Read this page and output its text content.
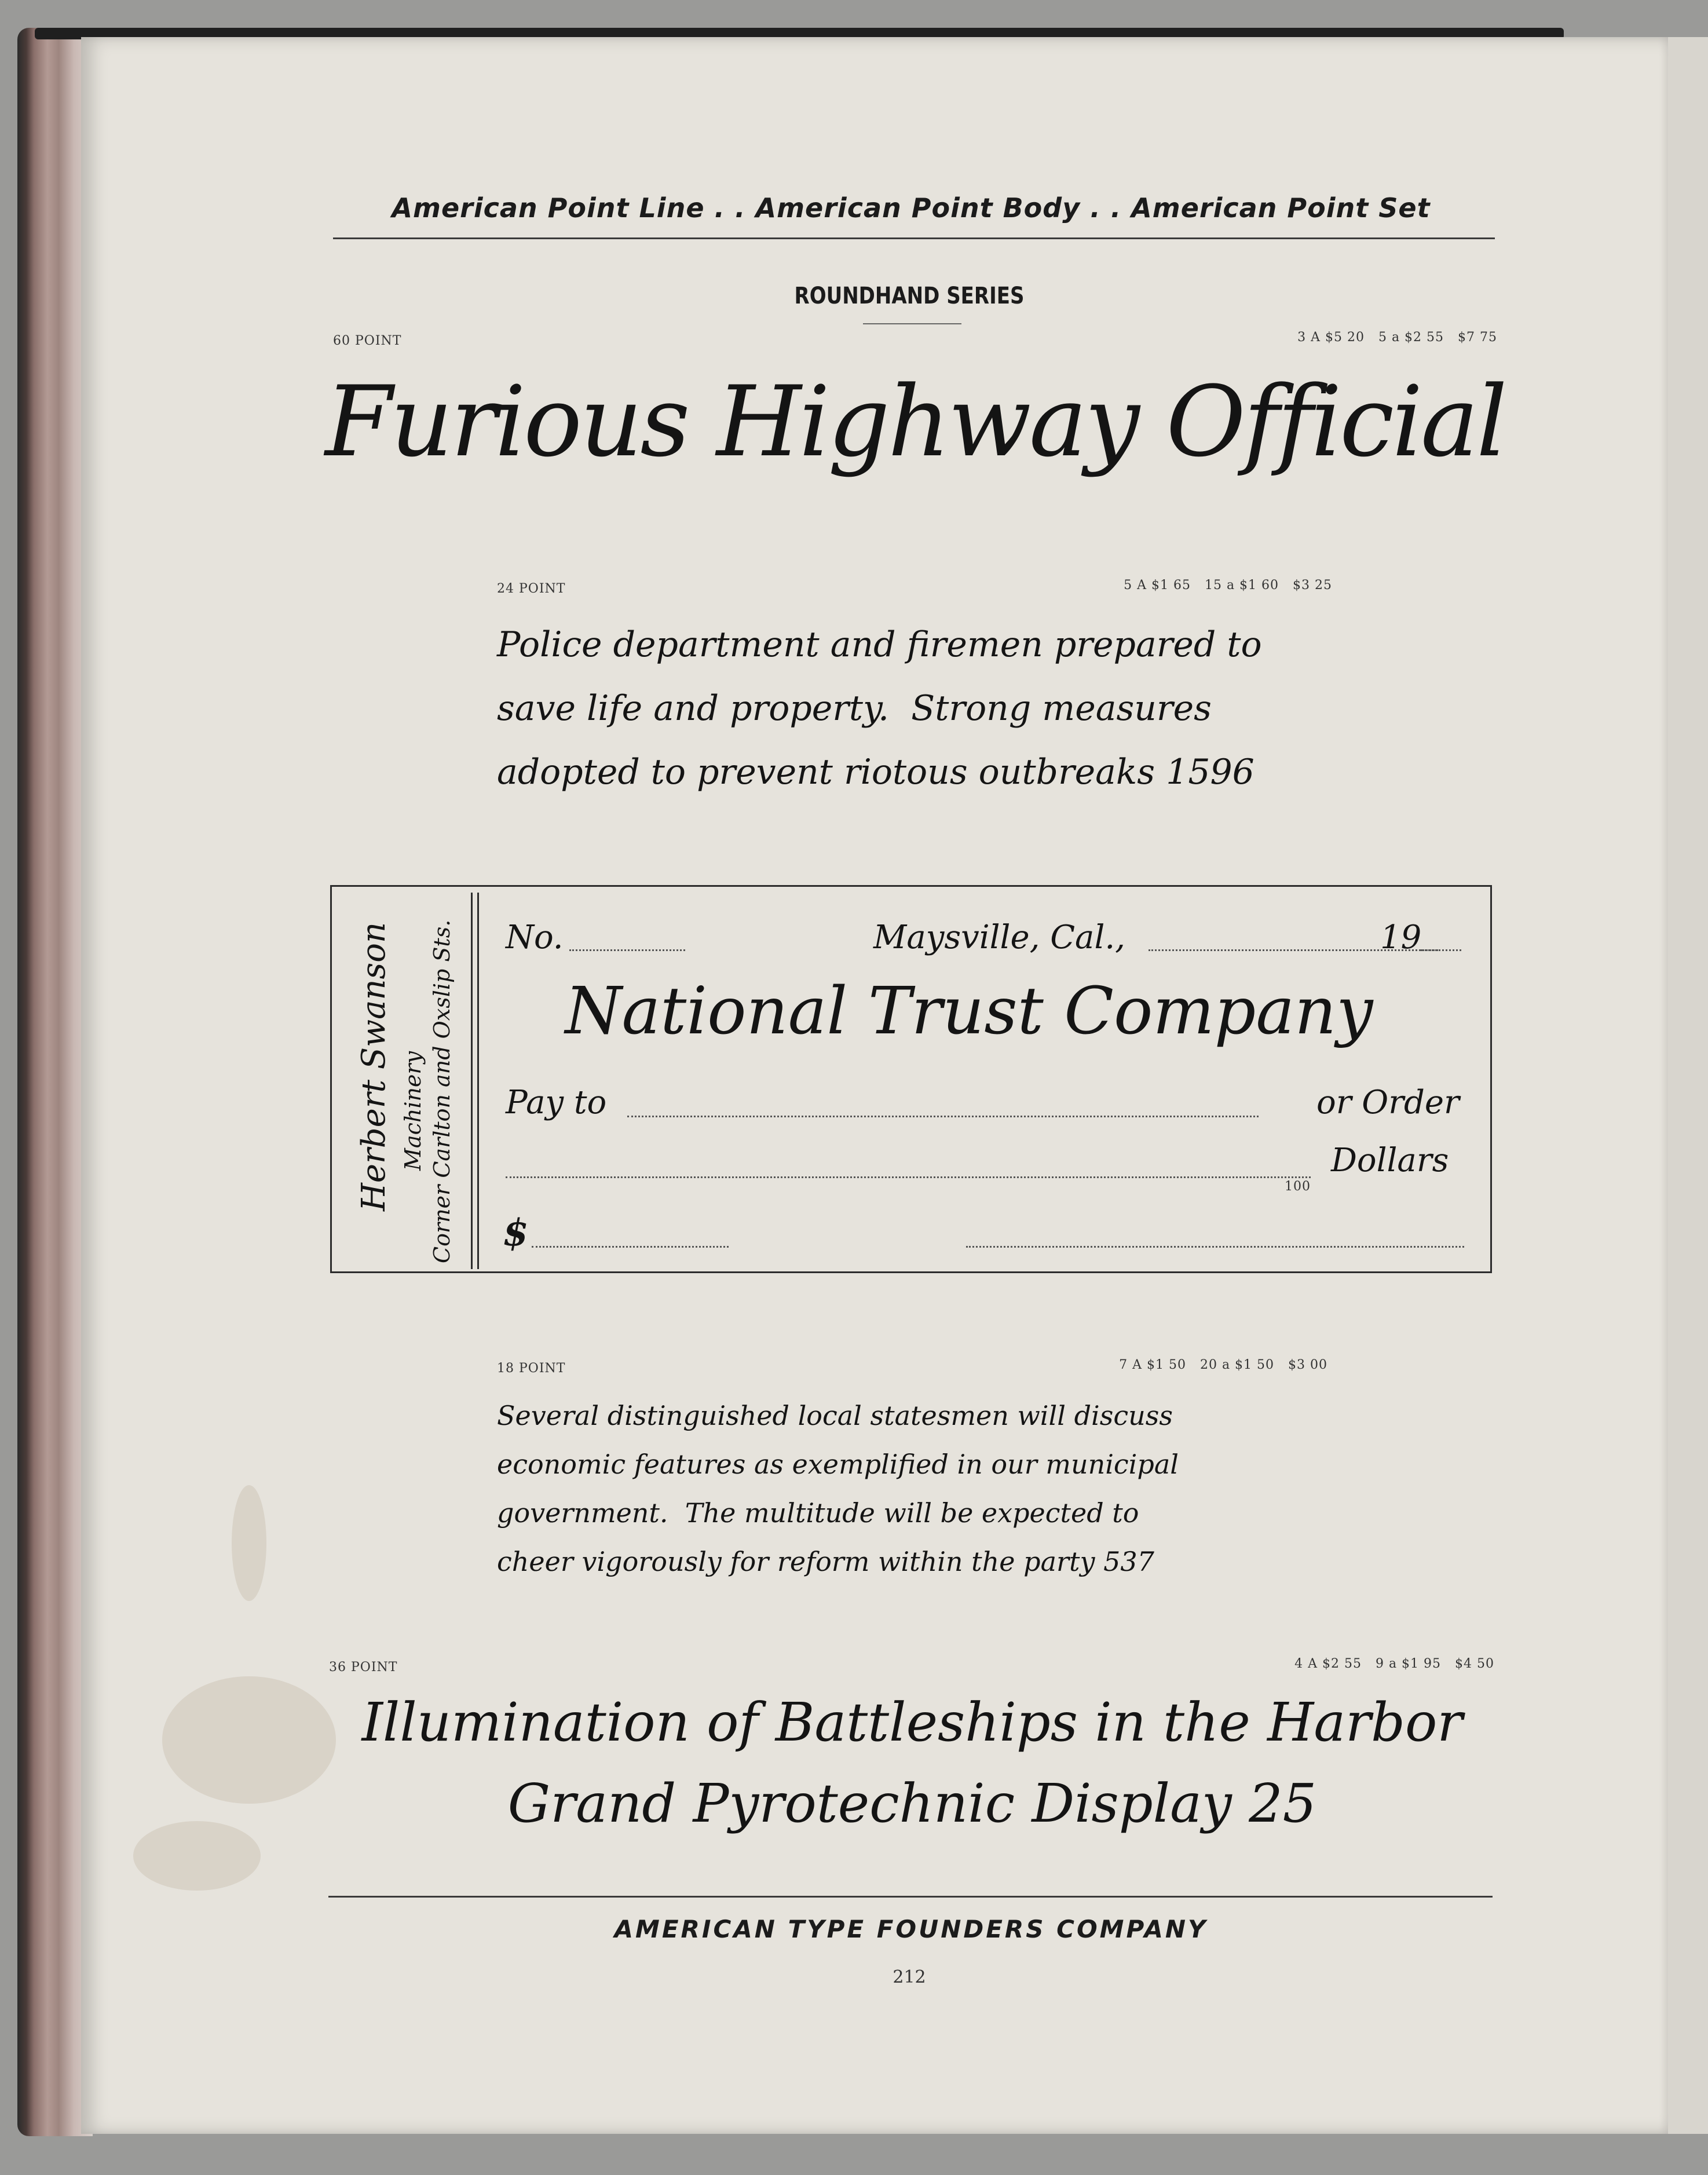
American Point Line . . American Point Body . . American Point Set
ROUNDHAND SERIES
60 POINT	3 A $5 20   5 a $2 55   $7 75
Furious Highway Official
24 POINT	5 A $1 65   15 a $1 60   $3 25
Police department and firemen prepared to
save life and property.  Strong measures
adopted to prevent riotous outbreaks 1596
Herbert Swanson Machinery Corner Carlton and Oxslip Sts. No.	Maysville, Cal.,	19
National Trust Company
Pay to	or Order
Dollars
100
$
18 POINT	7 A $1 50   20 a $1 50   $3 00
Several distinguished local statesmen will discuss
economic features as exemplified in our municipal
government.  The multitude will be expected to
cheer vigorously for reform within the party 537
36 POINT	4 A $2 55   9 a $1 95   $4 50
Illumination of Battleships in the Harbor
Grand Pyrotechnic Display 25
AMERICAN TYPE FOUNDERS COMPANY
212
